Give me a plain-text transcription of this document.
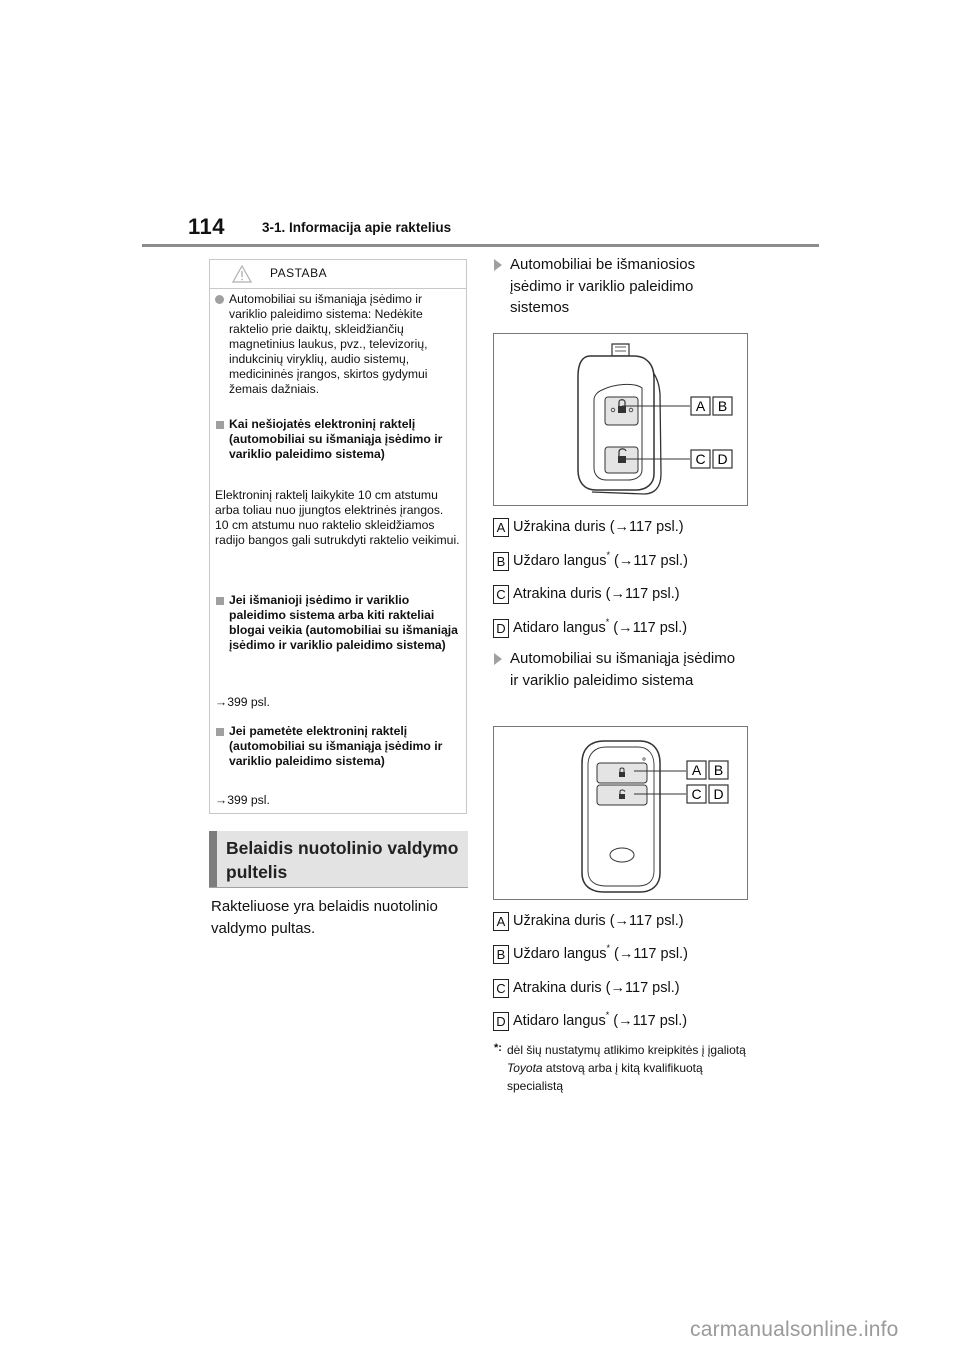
114	3-1. Informacija apie raktelius
PASTABA
Automobiliai su išmaniąja įsėdimo ir variklio paleidimo sistema: Nedėkite raktelio prie daiktų, skleidžiančių magnetinius laukus, pvz., televizorių, indukcinių viryklių, audio sistemų, medicininės įrangos, skirtos gydymui žemais dažniais.
Kai nešiojatės elektroninį raktelį (automobiliai su išmaniąja įsėdimo ir variklio paleidimo sistema)
Elektroninį raktelį laikykite 10 cm atstumu arba toliau nuo įjungtos elektrinės įrangos. 10 cm atstumu nuo raktelio skleidžiamos radijo bangos gali sutrukdyti raktelio veikimui.
Jei išmanioji įsėdimo ir variklio paleidimo sistema arba kiti rakteliai blogai veikia (automobiliai su išmaniąja įsėdimo ir variklio paleidimo sistema)
→399 psl.
Jei pametėte elektroninį raktelį (automobiliai su išmaniąja įsėdimo ir variklio paleidimo sistema)
→399 psl.
Belaidis nuotolinio valdymo pultelis
Rakteliuose yra belaidis nuotolinio valdymo pultas.
Automobiliai be išmaniosios įsėdimo ir variklio paleidimo sistemos
A B
C D
A Užrakina duris (→117 psl.)
B Uždaro langus* (→117 psl.)
C Atrakina duris (→117 psl.)
D Atidaro langus* (→117 psl.)
Automobiliai su išmaniąja įsėdimo ir variklio paleidimo sistema
A B
C D
A Užrakina duris (→117 psl.)
B Uždaro langus* (→117 psl.)
C Atrakina duris (→117 psl.)
D Atidaro langus* (→117 psl.)
*: dėl šių nustatymų atlikimo kreipkitės į įgaliotą Toyota atstovą arba į kitą kvalifikuotą specialistą
carmanualsonline.info
